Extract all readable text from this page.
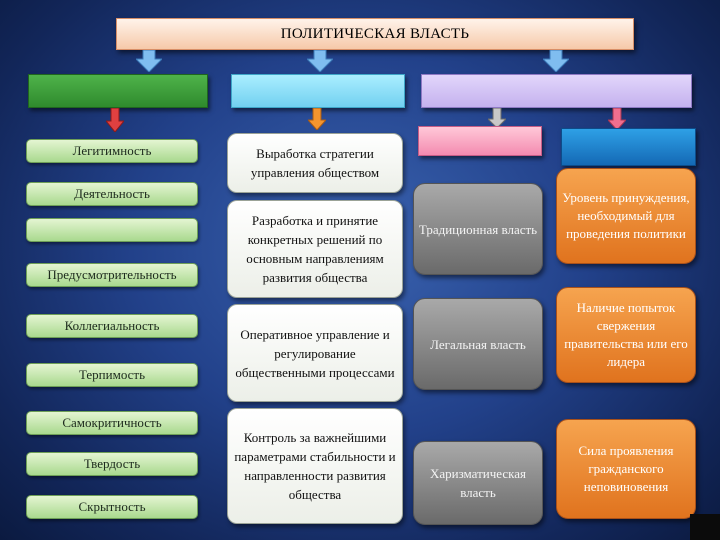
ПОЛИТИЧЕСКАЯ ВЛАСТЬ
Легитимность
Деятельность
Предусмотрительность
Коллегиальность
Терпимость
Самокритичность
Твердость
Скрытность
Выработка стратегии управления обществом
Разработка и принятие конкретных решений по основным направлениям развития общества
Оперативное управление и регулирование общественными процессами
Контроль за важнейшими параметрами стабильности и направленности развития общества
Традиционная власть
Легальная власть
Харизматическая власть
Уровень принуждения, необходимый для проведения политики
Наличие попыток свержения правительства или его лидера
Сила проявления гражданского неповиновения
